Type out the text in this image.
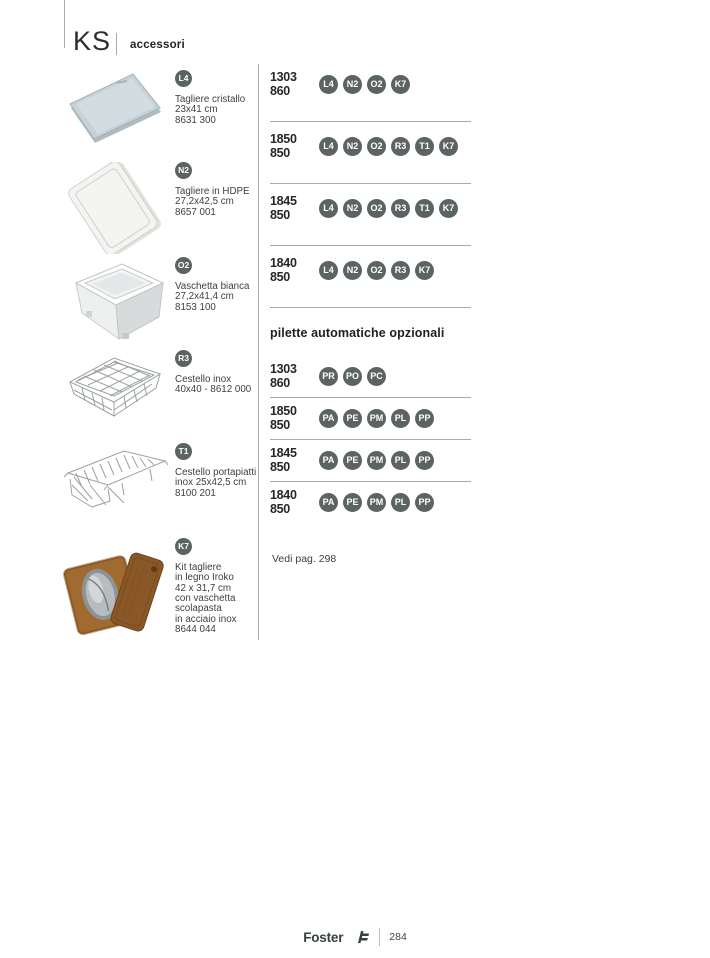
KS accessori
L4
Tagliere cristallo
23x41 cm
8631 300
N2
Tagliere in HDPE
27,2x42,5 cm
8657 001
O2
Vaschetta bianca
27,2x41,4 cm
8153 100
R3
Cestello inox
40x40 - 8612 000
T1
Cestello portapiatti
inox 25x42,5 cm
8100 201
K7
Kit tagliere
in legno Iroko
42 x 31,7 cm
con vaschetta
scolapasta
in acciaio inox
8644 044
1303 860
L4	N2	O2	K7
1850 850
L4	N2	O2	R3	T1	K7
1845 850
L4	N2	O2	R3	T1	K7
1840 850
L4	N2	O2	R3	K7
pilette automatiche opzionali
1303 860
PR	PO	PC
1850 850
PA	PE	PM	PL	PP
1845 850
PA	PE	PM	PL	PP
1840 850
PA	PE	PM	PL	PP
Vedi pag. 298
Foster	284
